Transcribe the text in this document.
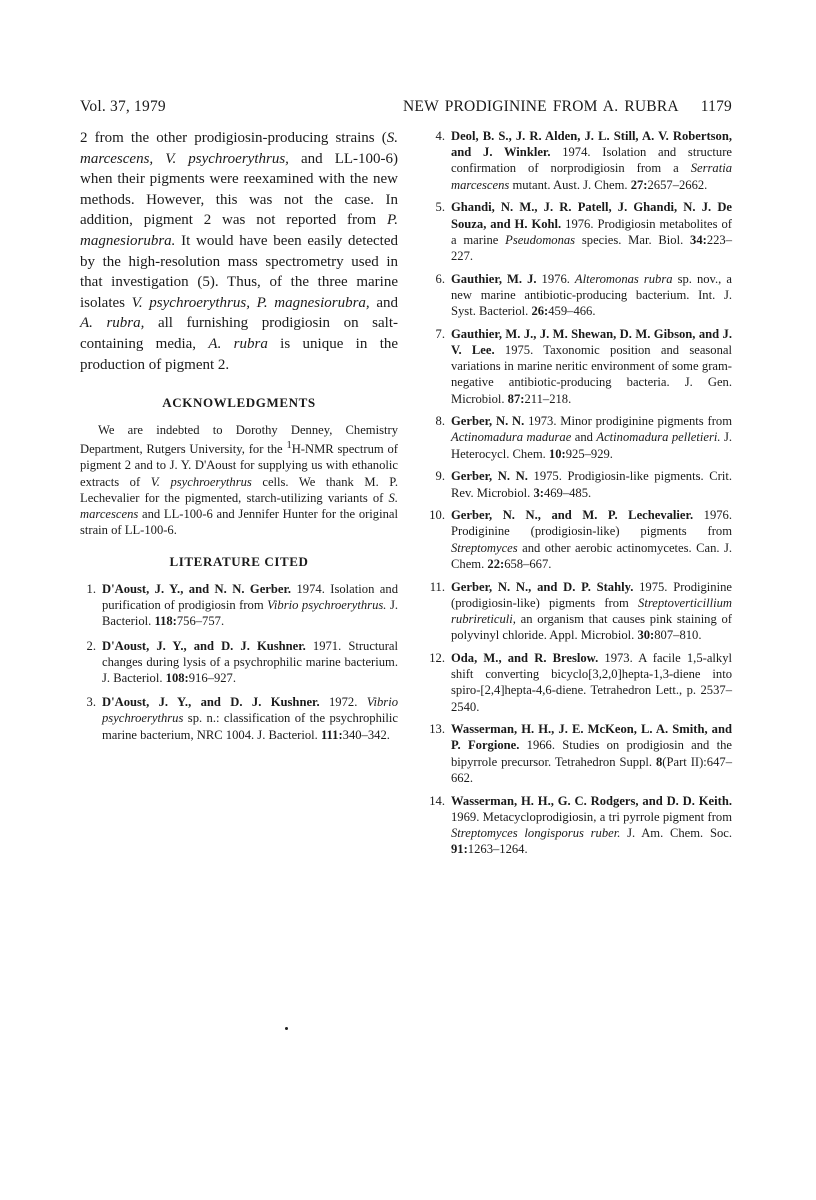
Vol. 37, 1979	NEW PRODIGININE FROM A. RUBRA 1179

2 from the other prodigiosin-producing strains (S. marcescens, V. psychroerythrus, and LL-100-6) when their pigments were reexamined with the new methods. However, this was not the case. In addition, pigment 2 was not reported from P. magnesiorubra. It would have been easily detected by the high-resolution mass spectrometry used in that investigation (5). Thus, of the three marine isolates V. psychroerythrus, P. magnesiorubra, and A. rubra, all furnishing prodigiosin on salt-containing media, A. rubra is unique in the production of pigment 2.

ACKNOWLEDGMENTS

We are indebted to Dorothy Denney, Chemistry Department, Rutgers University, for the $^1$H-NMR spectrum of pigment 2 and to J. Y. D'Aoust for supplying us with ethanolic extracts of V. psychroerythrus cells. We thank M. P. Lechevalier for the pigmented, starch-utilizing variants of S. marcescens and LL-100-6 and Jennifer Hunter for the original strain of LL-100-6.

LITERATURE CITED
1. D'Aoust, J. Y., and N. N. Gerber. 1974. Isolation and purification of prodigiosin from Vibrio psychroerythrus. J. Bacteriol. 118:756–757.
2. D'Aoust, J. Y., and D. J. Kushner. 1971. Structural changes during lysis of a psychrophilic marine bacterium. J. Bacteriol. 108:916–927.
3. D'Aoust, J. Y., and D. J. Kushner. 1972. Vibrio psychroerythrus sp. n.: classification of the psychrophilic marine bacterium, NRC 1004. J. Bacteriol. 111:340–342.
4. Deol, B. S., J. R. Alden, J. L. Still, A. V. Robertson, and J. Winkler. 1974. Isolation and structure confirmation of norprodigiosin from a Serratia marcescens mutant. Aust. J. Chem. 27:2657–2662.
5. Ghandi, N. M., J. R. Patell, J. Ghandi, N. J. De Souza, and H. Kohl. 1976. Prodigiosin metabolites of a marine Pseudomonas species. Mar. Biol. 34:223–227.
6. Gauthier, M. J. 1976. Alteromonas rubra sp. nov., a new marine antibiotic-producing bacterium. Int. J. Syst. Bacteriol. 26:459–466.
7. Gauthier, M. J., J. M. Shewan, D. M. Gibson, and J. V. Lee. 1975. Taxonomic position and seasonal variations in marine neritic environment of some gram-negative antibiotic-producing bacteria. J. Gen. Microbiol. 87:211–218.
8. Gerber, N. N. 1973. Minor prodiginine pigments from Actinomadura madurae and Actinomadura pelletieri. J. Heterocycl. Chem. 10:925–929.
9. Gerber, N. N. 1975. Prodigiosin-like pigments. Crit. Rev. Microbiol. 3:469–485.
10. Gerber, N. N., and M. P. Lechevalier. 1976. Prodiginine (prodigiosin-like) pigments from Streptomyces and other aerobic actinomycetes. Can. J. Chem. 22:658–667.
11. Gerber, N. N., and D. P. Stahly. 1975. Prodiginine (prodigiosin-like) pigments from Streptoverticillium rubrireticuli, an organism that causes pink staining of polyvinyl chloride. Appl. Microbiol. 30:807–810.
12. Oda, M., and R. Breslow. 1973. A facile 1,5-alkyl shift converting bicyclo[3,2,0]hepta-1,3-diene into spiro-[2,4]hepta-4,6-diene. Tetrahedron Lett., p. 2537–2540.
13. Wasserman, H. H., J. E. McKeon, L. A. Smith, and P. Forgione. 1966. Studies on prodigiosin and the bipyrrole precursor. Tetrahedron Suppl. 8(Part II):647–662.
14. Wasserman, H. H., G. C. Rodgers, and D. D. Keith. 1969. Metacycloprodigiosin, a tri pyrrole pigment from Streptomyces longisporus ruber. J. Am. Chem. Soc. 91:1263–1264.
